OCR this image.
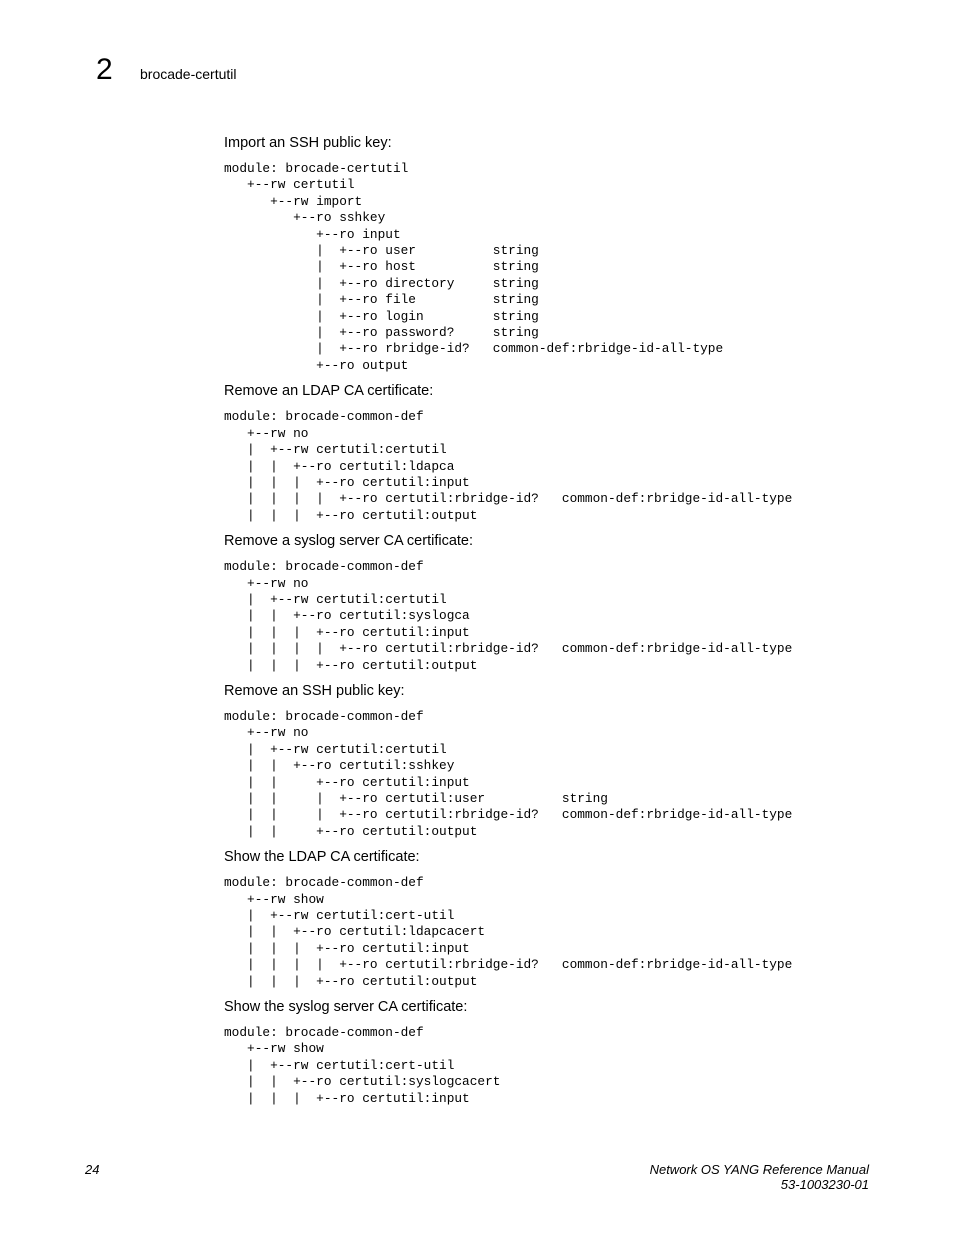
2 brocade-certutil
Import an SSH public key:
module: brocade-certutil
+--rw certutil
+--rw import
+--ro sshkey
+--ro input
|  +--ro user          string
|  +--ro host          string
|  +--ro directory     string
|  +--ro file          string
|  +--ro login         string
|  +--ro password?     string
|  +--ro rbridge-id?   common-def:rbridge-id-all-type
+--ro output
Remove an LDAP CA certificate:
module: brocade-common-def
+--rw no
|  +--rw certutil:certutil
|  |  +--ro certutil:ldapca
|  |  |  +--ro certutil:input
|  |  |  |  +--ro certutil:rbridge-id?   common-def:rbridge-id-all-type
|  |  |  +--ro certutil:output
Remove a syslog server CA certificate:
module: brocade-common-def
+--rw no
|  +--rw certutil:certutil
|  |  +--ro certutil:syslogca
|  |  |  +--ro certutil:input
|  |  |  |  +--ro certutil:rbridge-id?   common-def:rbridge-id-all-type
|  |  |  +--ro certutil:output
Remove an SSH public key:
module: brocade-common-def
+--rw no
|  +--rw certutil:certutil
|  |  +--ro certutil:sshkey
|  |     +--ro certutil:input
|  |     |  +--ro certutil:user          string
|  |     |  +--ro certutil:rbridge-id?   common-def:rbridge-id-all-type
|  |     +--ro certutil:output
Show the LDAP CA certificate:
module: brocade-common-def
+--rw show
|  +--rw certutil:cert-util
|  |  +--ro certutil:ldapcacert
|  |  |  +--ro certutil:input
|  |  |  |  +--ro certutil:rbridge-id?   common-def:rbridge-id-all-type
|  |  |  +--ro certutil:output
Show the syslog server CA certificate:
module: brocade-common-def
+--rw show
|  +--rw certutil:cert-util
|  |  +--ro certutil:syslogcacert
|  |  |  +--ro certutil:input
24	Network OS YANG Reference Manual
53-1003230-01
